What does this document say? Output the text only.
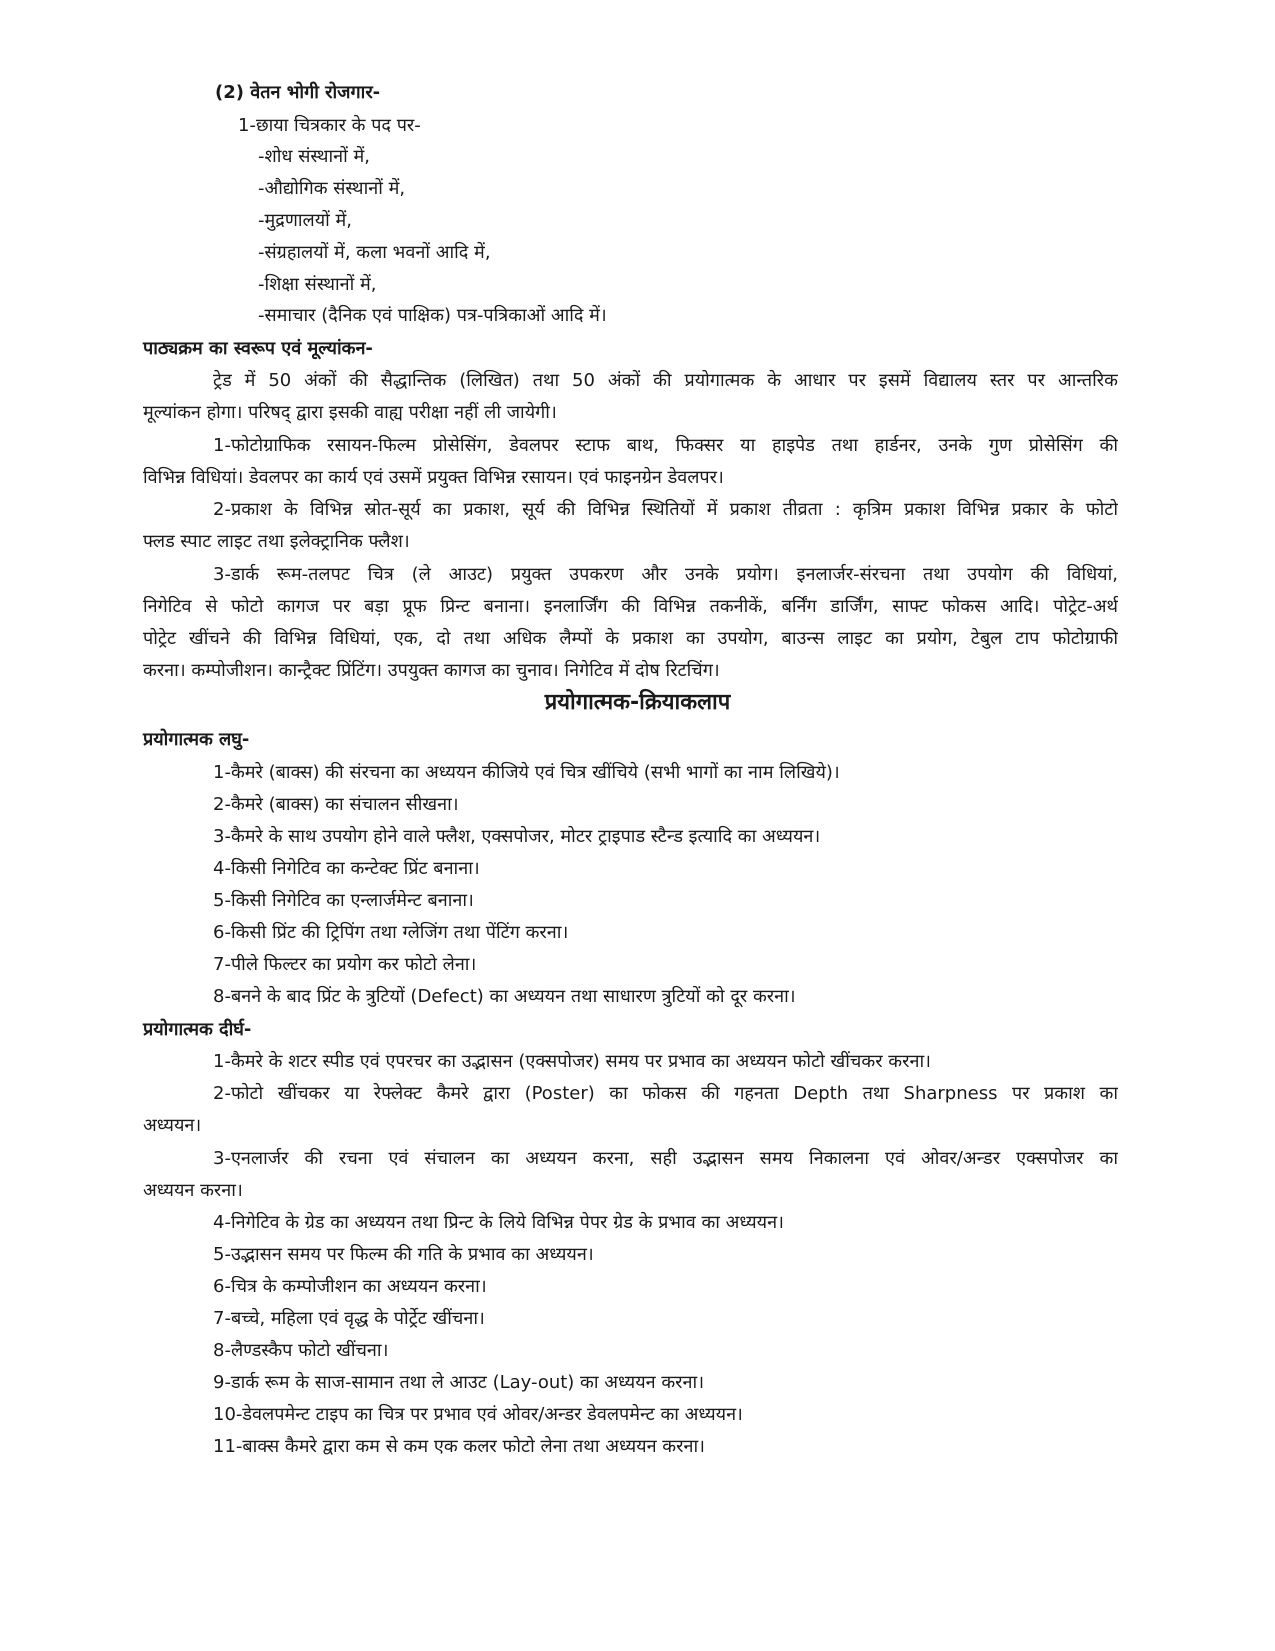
(2) वेतन भोगी रोजगार-
1-छाया चित्रकार के पद पर-
-शोध संस्थानों में,
-औद्योगिक संस्थानों में,
-मुद्रणालयों में,
-संग्रहालयों में, कला भवनों आदि में,
-शिक्षा संस्थानों में,
-समाचार (दैनिक एवं पाक्षिक) पत्र-पत्रिकाओं आदि में।
पाठ्यक्रम का स्वरूप एवं मूल्यांकन-
ट्रेड में 50 अंकों की सैद्धान्तिक (लिखित) तथा 50 अंकों की प्रयोगात्मक के आधार पर इसमें विद्यालय स्तर पर आन्तरिक
मूल्यांकन होगा। परिषद् द्वारा इसकी वाह्य परीक्षा नहीं ली जायेगी।
1-फोटोग्राफिक रसायन-फिल्म प्रोसेसिंग, डेवलपर स्टाफ बाथ, फिक्सर या हाइपेड तथा हार्डनर, उनके गुण प्रोसेसिंग की
विभिन्न विधियां। डेवलपर का कार्य एवं उसमें प्रयुक्त विभिन्न रसायन। एवं फाइनग्रेन डेवलपर।
2-प्रकाश के विभिन्न स्रोत-सूर्य का प्रकाश, सूर्य की विभिन्न स्थितियों में प्रकाश तीव्रता : कृत्रिम प्रकाश विभिन्न प्रकार के फोटो
फ्लड स्पाट लाइट तथा इलेक्ट्रानिक फ्लैश।
3-डार्क रूम-तलपट चित्र (ले आउट) प्रयुक्त उपकरण और उनके प्रयोग। इनलार्जर-संरचना तथा उपयोग की विधियां,
निगेटिव से फोटो कागज पर बड़ा प्रूफ प्रिन्ट बनाना। इनलार्जिंग की विभिन्न तकनीकें, बर्निंग डार्जिंग, साफ्ट फोकस आदि। पोट्रेट-अर्थ
पोट्रेट खींचने की विभिन्न विधियां, एक, दो तथा अधिक लैम्पों के प्रकाश का उपयोग, बाउन्स लाइट का प्रयोग, टेबुल टाप फोटोग्राफी
करना। कम्पोजीशन। कान्ट्रैक्ट प्रिंटिंग। उपयुक्त कागज का चुनाव। निगेटिव में दोष रिटचिंग।
प्रयोगात्मक-क्रियाकलाप
प्रयोगात्मक लघु-
1-कैमरे (बाक्स) की संरचना का अध्ययन कीजिये एवं चित्र खींचिये (सभी भागों का नाम लिखिये)।
2-कैमरे (बाक्स) का संचालन सीखना।
3-कैमरे के साथ उपयोग होने वाले फ्लैश, एक्सपोजर, मोटर ट्राइपाड स्टैन्ड इत्यादि का अध्ययन।
4-किसी निगेटिव का कन्टेक्ट प्रिंट बनाना।
5-किसी निगेटिव का एन्लार्जमेन्ट बनाना।
6-किसी प्रिंट की ट्रिपिंग तथा ग्लेजिंग तथा पेंटिंग करना।
7-पीले फिल्टर का प्रयोग कर फोटो लेना।
8-बनने के बाद प्रिंट के त्रुटियों (Defect) का अध्ययन तथा साधारण त्रुटियों को दूर करना।
प्रयोगात्मक दीर्घ-
1-कैमरे के शटर स्पीड एवं एपरचर का उद्भासन (एक्सपोजर) समय पर प्रभाव का अध्ययन फोटो खींचकर करना।
2-फोटो खींचकर या रेफ्लेक्ट कैमरे द्वारा (Poster) का फोकस की गहनता Depth तथा Sharpness पर प्रकाश का
अध्ययन।
3-एनलार्जर की रचना एवं संचालन का अध्ययन करना, सही उद्भासन समय निकालना एवं ओवर/अन्डर एक्सपोजर का
अध्ययन करना।
4-निगेटिव के ग्रेड का अध्ययन तथा प्रिन्ट के लिये विभिन्न पेपर ग्रेड के प्रभाव का अध्ययन।
5-उद्भासन समय पर फिल्म की गति के प्रभाव का अध्ययन।
6-चित्र के कम्पोजीशन का अध्ययन करना।
7-बच्चे, महिला एवं वृद्ध के पोर्ट्रेट खींचना।
8-लैण्डस्कैप फोटो खींचना।
9-डार्क रूम के साज-सामान तथा ले आउट (Lay-out) का अध्ययन करना।
10-डेवलपमेन्ट टाइप का चित्र पर प्रभाव एवं ओवर/अन्डर डेवलपमेन्ट का अध्ययन।
11-बाक्स कैमरे द्वारा कम से कम एक कलर फोटो लेना तथा अध्ययन करना।
